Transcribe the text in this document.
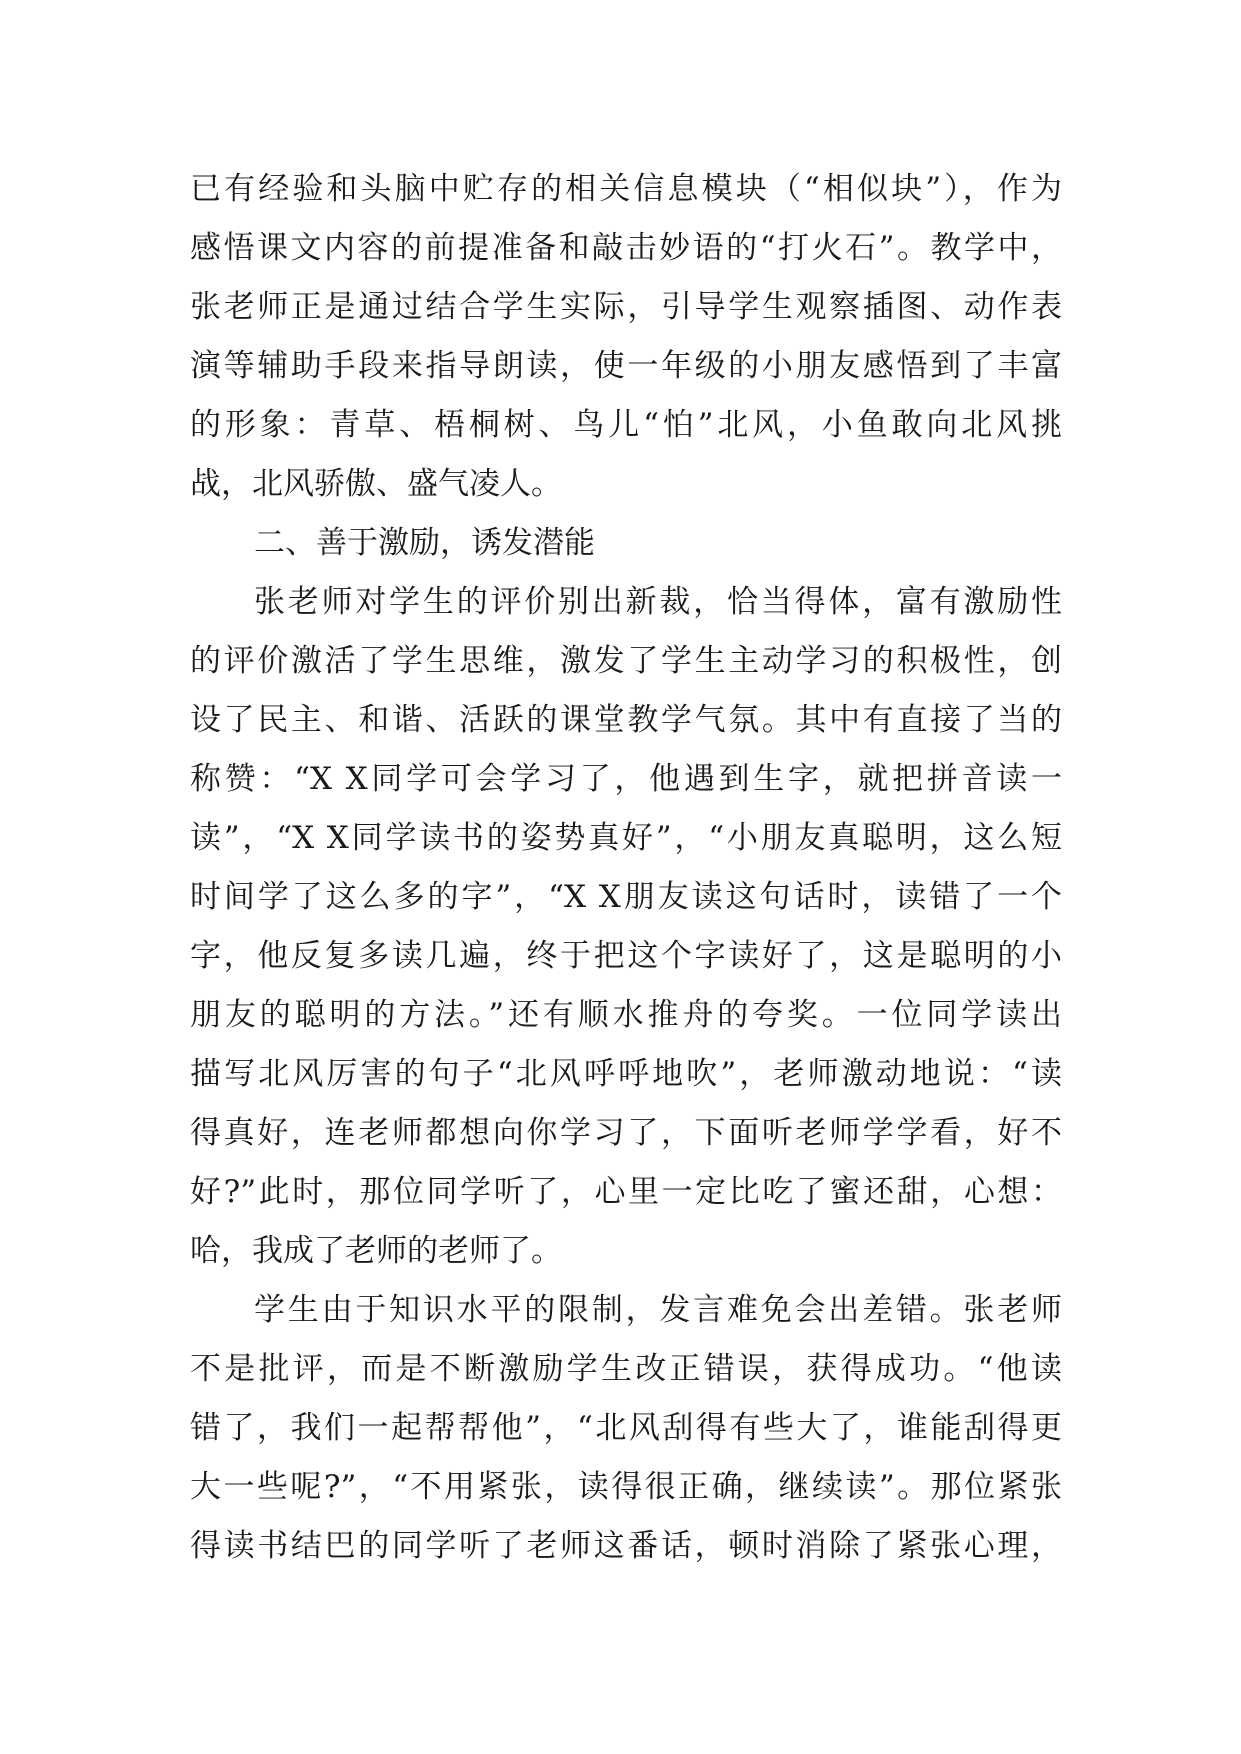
已有经验和头脑中贮存的相关信息模块（“相似块”），作为
感悟课文内容的前提准备和敲击妙语的“打火石”。教学中，
张老师正是通过结合学生实际，引导学生观察插图、动作表
演等辅助手段来指导朗读，使一年级的小朋友感悟到了丰富
的形象：青草、梧桐树、鸟儿“怕”北风，小鱼敢向北风挑
战，北风骄傲、盛气凌人。
二、善于激励，诱发潜能
张老师对学生的评价别出新裁，恰当得体，富有激励性
的评价激活了学生思维，激发了学生主动学习的积极性，创
设了民主、和谐、活跃的课堂教学气氛。其中有直接了当的
称赞：“X X同学可会学习了，他遇到生字，就把拼音读一
读”，“X X同学读书的姿势真好”，“小朋友真聪明，这么短
时间学了这么多的字”，“X X朋友读这句话时，读错了一个
字，他反复多读几遍，终于把这个字读好了，这是聪明的小
朋友的聪明的方法。”还有顺水推舟的夸奖。一位同学读出
描写北风厉害的句子“北风呼呼地吹”，老师激动地说：“读
得真好，连老师都想向你学习了，下面听老师学学看，好不
好?”此时，那位同学听了，心里一定比吃了蜜还甜，心想：
哈，我成了老师的老师了。
学生由于知识水平的限制，发言难免会出差错。张老师
不是批评，而是不断激励学生改正错误，获得成功。“他读
错了，我们一起帮帮他”，“北风刮得有些大了，谁能刮得更
大一些呢?”，“不用紧张，读得很正确，继续读”。那位紧张
得读书结巴的同学听了老师这番话，顿时消除了紧张心理，
